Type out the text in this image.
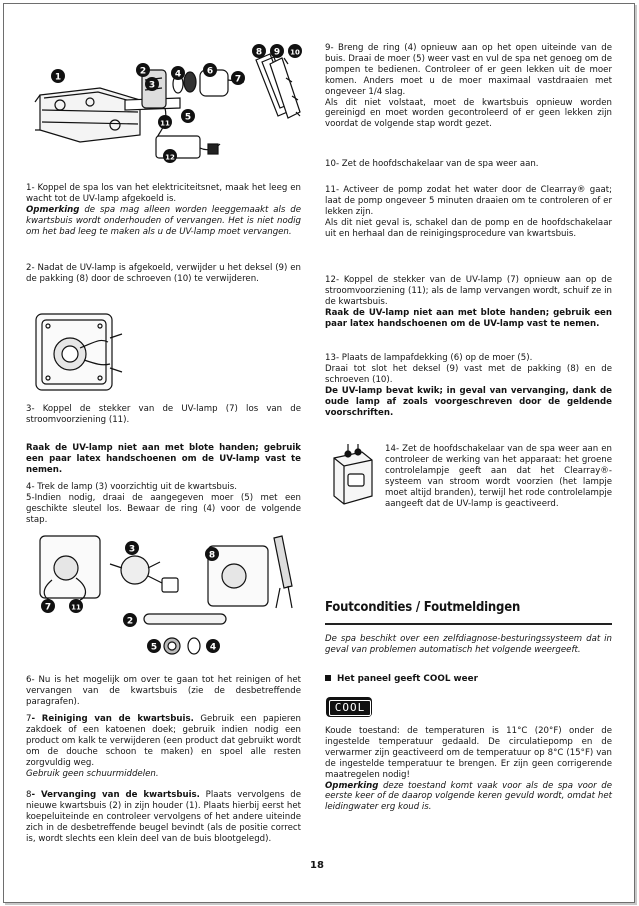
1
2
3
4
5
6
7
8 9 10
11
12

1- Koppel de spa los van het elektriciteitsnet, maak het leeg en wacht tot de UV-lamp afgekoeld is.

Opmerking de spa mag alleen worden leeggemaakt als de kwartsbuis wordt onderhouden of vervangen. Het is niet nodig om het bad leeg te maken als u de UV-lamp moet vervangen.

2- Nadat de UV-lamp is afgekoeld, verwijder u het deksel (9) en de pakking (8) door de schroeven (10) te verwijderen.

3- Koppel de stekker van de UV-lamp (7) los van de stroomvoorziening (11).

Raak de UV-lamp niet aan met blote handen; gebruik een paar latex handschoenen om de UV-lamp vast te nemen.

4- Trek de lamp (3) voorzichtig uit de kwartsbuis.

5-Indien nodig, draai de aangegeven moer (5) met een geschikte sleutel los. Bewaar de ring (4) voor de volgende stap.

7	11
3
8
2
5	4

6- Nu is het mogelijk om over te gaan tot het reinigen of het vervangen van de kwartsbuis (zie de desbetreffende paragrafen).

7- Reiniging van de kwartsbuis. Gebruik een papieren zakdoek of een katoenen doek; gebruik indien nodig een product om kalk te verwijderen (een product dat gebruikt wordt om de douche schoon te maken) en spoel alle resten zorgvuldig weg.

Gebruik geen schuurmiddelen.

8- Vervanging van de kwartsbuis. Plaats vervolgens de nieuwe kwartsbuis (2) in zijn houder (1). Plaats hierbij eerst het koepeluiteinde en controleer vervolgens of het andere uiteinde zich in de desbetreffende beugel bevindt (als de positie correct is, wordt slechts een klein deel van de buis blootgelegd).

9- Breng de ring (4) opnieuw aan op het open uiteinde van de buis. Draai de moer (5) weer vast en vul de spa net genoeg om de pompen te bedienen. Controleer of er geen lekken uit de moer komen. Anders moet u de moer maximaal vastdraaien met ongeveer 1/4 slag.

Als dit niet volstaat, moet de kwartsbuis opnieuw worden gereinigd en moet worden gecontroleerd of er geen lekken zijn voordat de volgende stap wordt gezet.

10- Zet de hoofdschakelaar van de spa weer aan.

11- Activeer de pomp zodat het water door de Clearray® gaat; laat de pomp ongeveer 5 minuten draaien om te controleren of er lekken zijn.

Als dit niet geval is, schakel dan de pomp en de hoofdschakelaar uit en herhaal dan de reinigingsprocedure van kwartsbuis.

12- Koppel de stekker van de UV-lamp (7) opnieuw aan op de stroomvoorziening (11); als de lamp vervangen wordt, schuif ze in de kwartsbuis.

Raak de UV-lamp niet aan met blote handen; gebruik een paar latex handschoenen om de UV-lamp vast te nemen.

13- Plaats de lampafdekking (6) op de moer (5).

Draai tot slot het deksel (9) vast met de pakking (8) en de schroeven (10).

De UV-lamp bevat kwik; in geval van vervanging, dank de oude lamp af zoals voorgeschreven door de geldende voorschriften.

14- Zet de hoofdschakelaar van de spa weer aan en controleer de werking van het apparaat: het groene controlelampje geeft aan dat het Clearray®-systeem van stroom wordt voorzien (het lampje moet altijd branden), terwijl het rode controlelampje aangeeft dat de UV-lamp is geactiveerd.

Foutcondities / Foutmeldingen

De spa beschikt over een zelfdiagnose-besturingssysteem dat in geval van problemen automatisch het volgende weergeeft.

Het paneel geeft COOL weer

COOL

Koude toestand: de temperaturen is 11°C (20°F) onder de ingestelde temperatuur gedaald. De circulatiepomp en de verwarmer zijn geactiveerd om de temperatuur op 8°C (15°F) van de ingestelde temperatuur te brengen. Er zijn geen corrigerende maatregelen nodig!

Opmerking deze toestand komt vaak voor als de spa voor de eerste keer of de daarop volgende keren gevuld wordt, omdat het leidingwater erg koud is.

18
